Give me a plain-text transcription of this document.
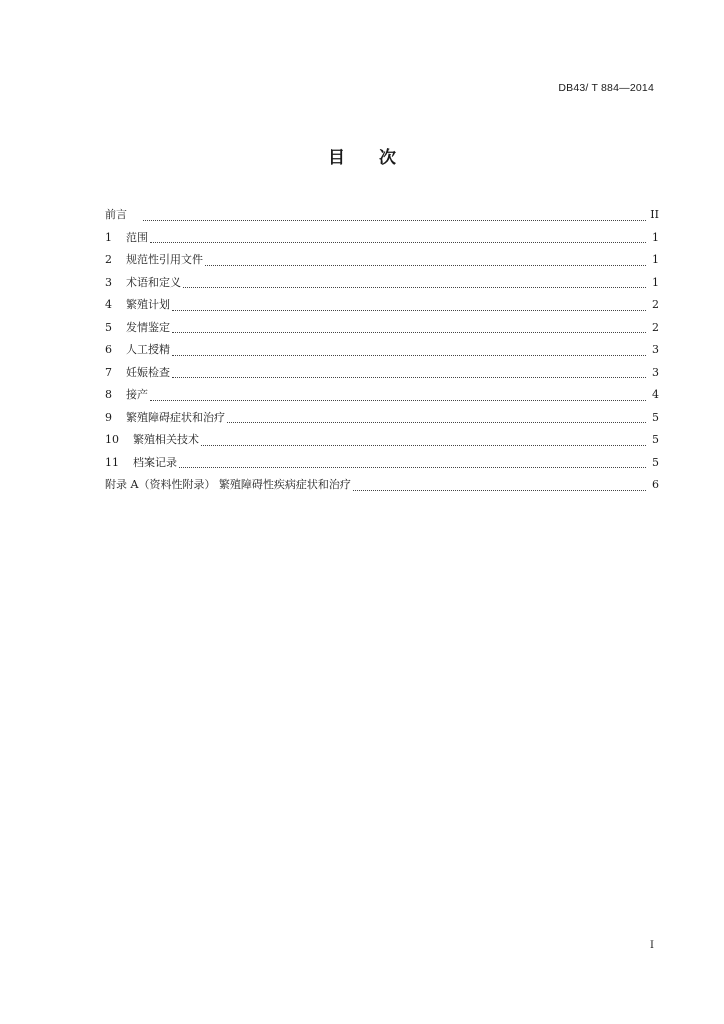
DB43/ T 884—2014
目次
前言	II
1 范围	1
2 规范性引用文件	1
3 术语和定义	1
4 繁殖计划	2
5 发情鉴定	2
6 人工授精	3
7 妊娠检查	3
8 接产	4
9 繁殖障碍症状和治疗	5
10 繁殖相关技术	5
11 档案记录	5
附录 A（资料性附录） 繁殖障碍性疾病症状和治疗	6
I
